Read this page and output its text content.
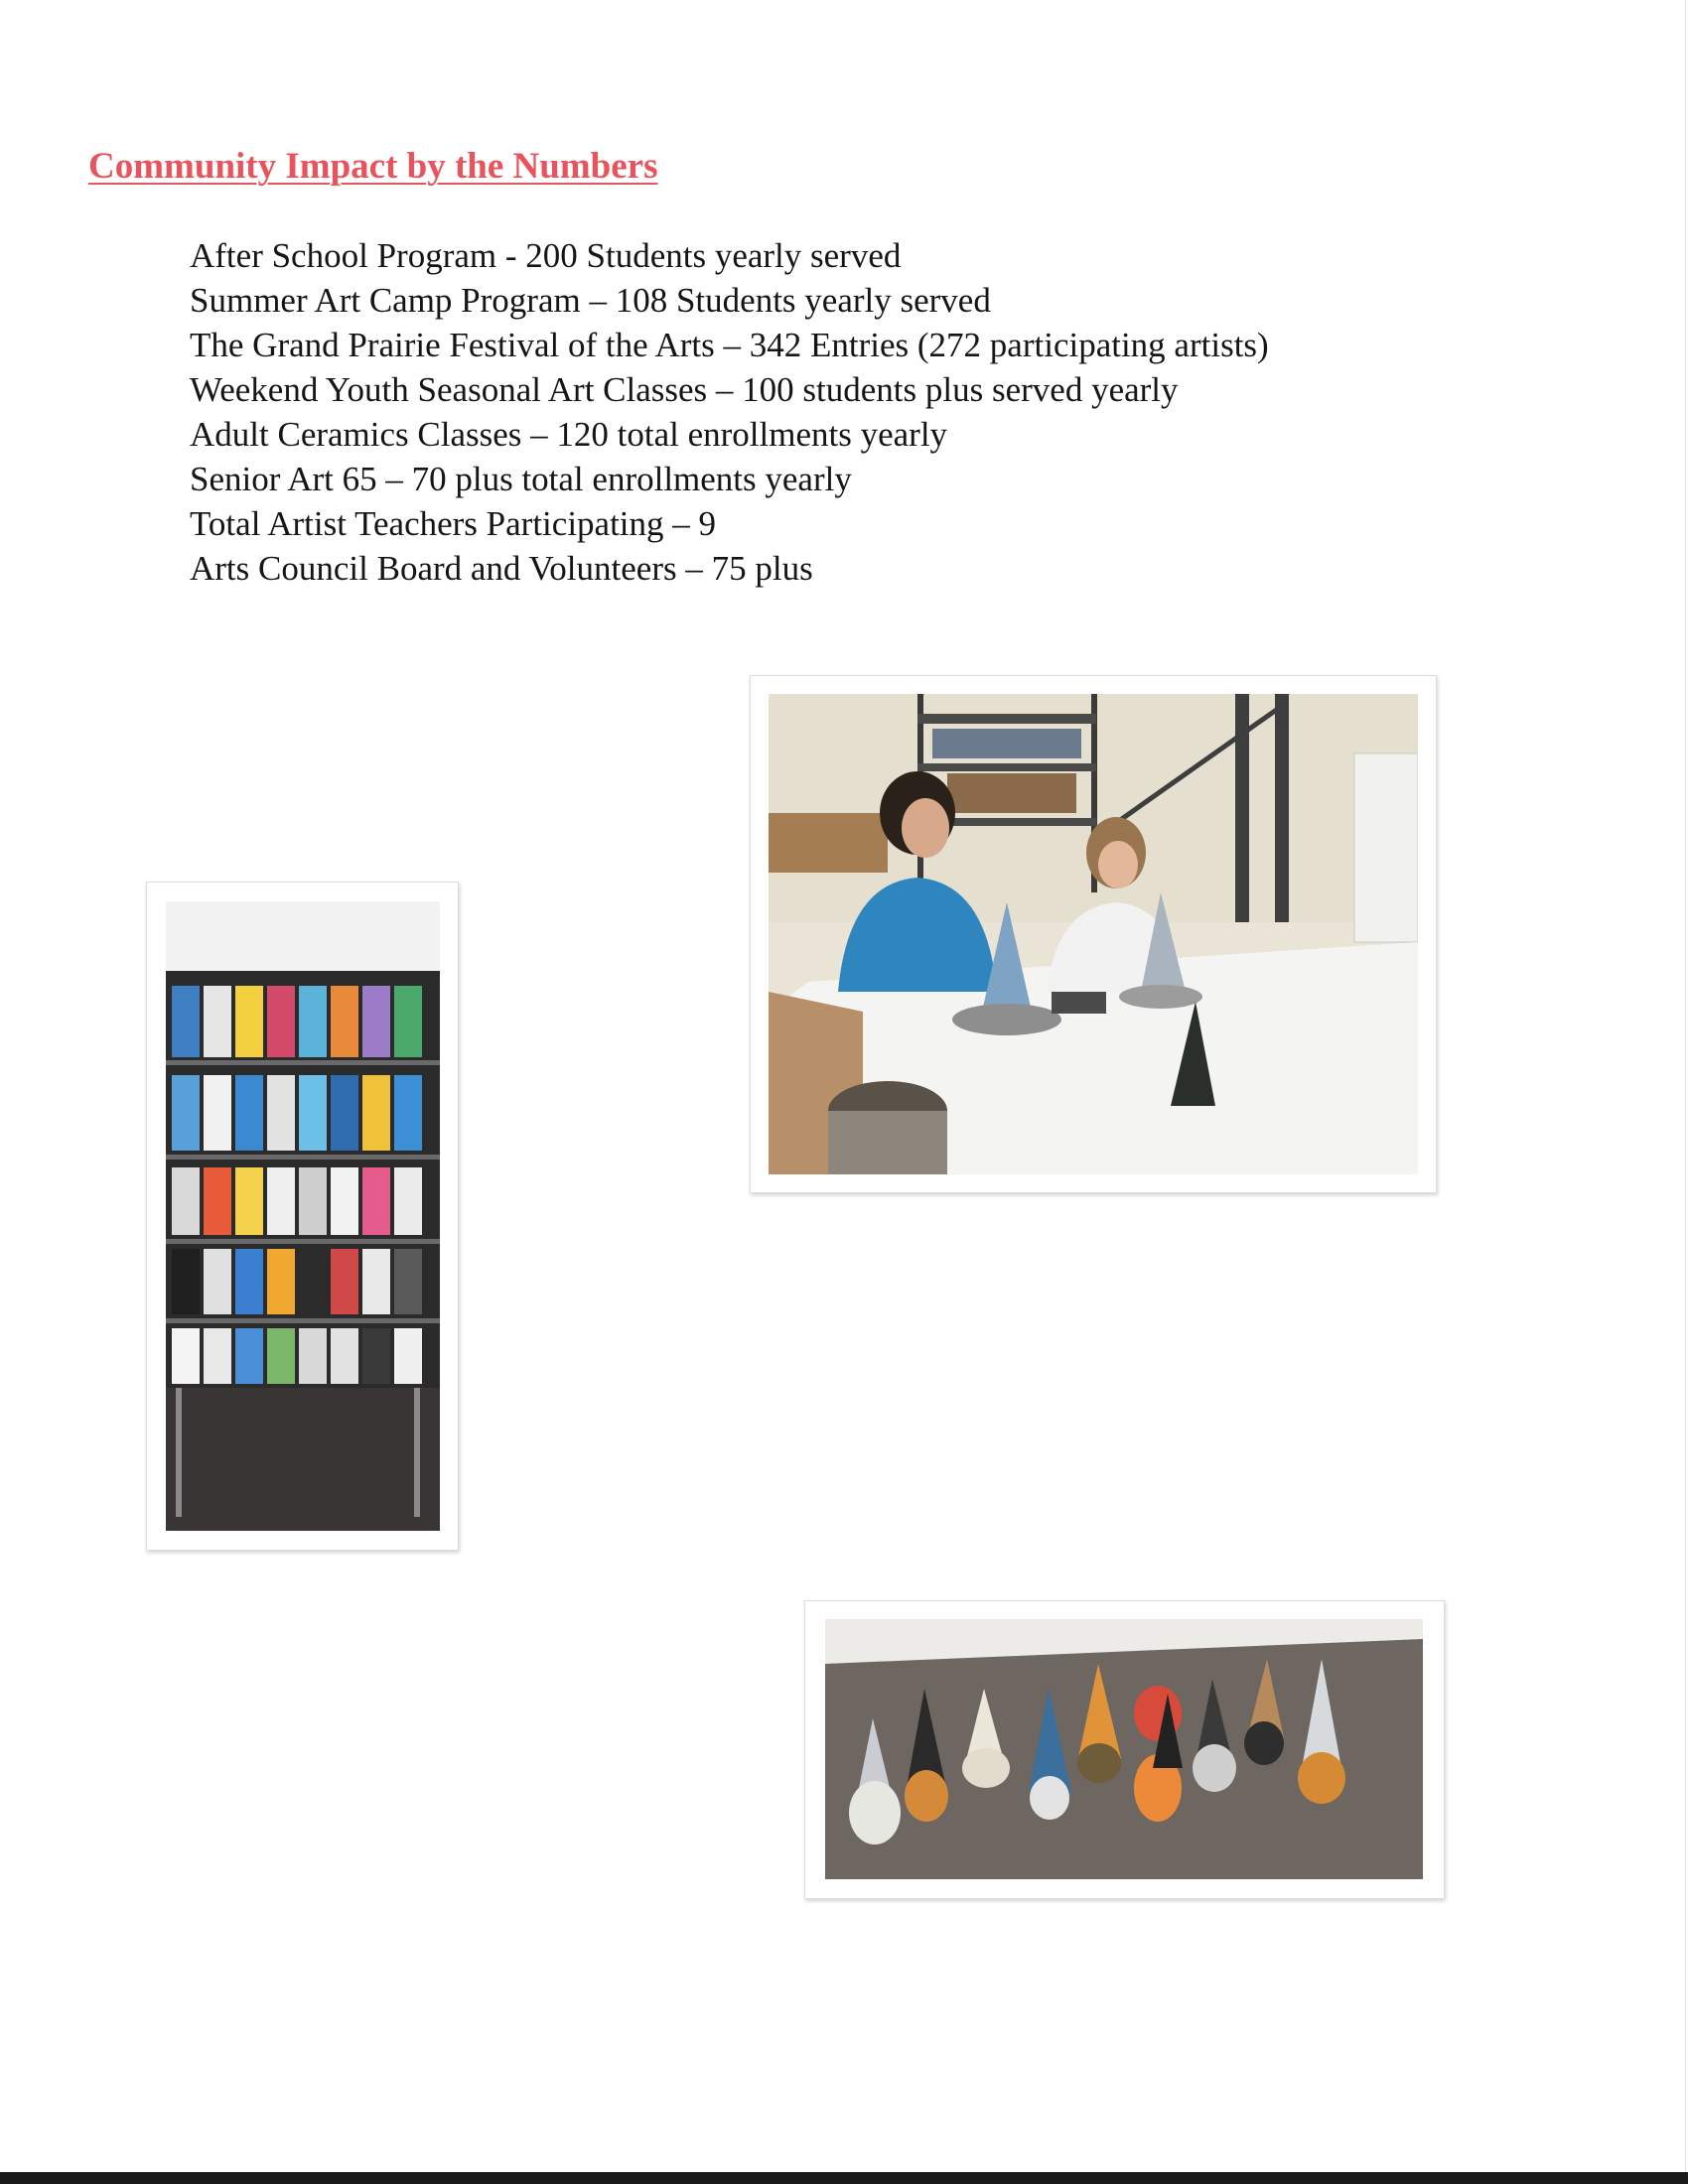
Community Impact by the Numbers
After School Program - 200 Students yearly served
Summer Art Camp Program – 108 Students yearly served
The Grand Prairie Festival of the Arts – 342 Entries (272 participating artists)
Weekend Youth Seasonal Art Classes – 100 students plus served yearly
Adult Ceramics Classes – 120 total enrollments yearly
Senior Art 65 – 70 plus total enrollments yearly
Total Artist Teachers Participating – 9
Arts Council Board and Volunteers – 75 plus
